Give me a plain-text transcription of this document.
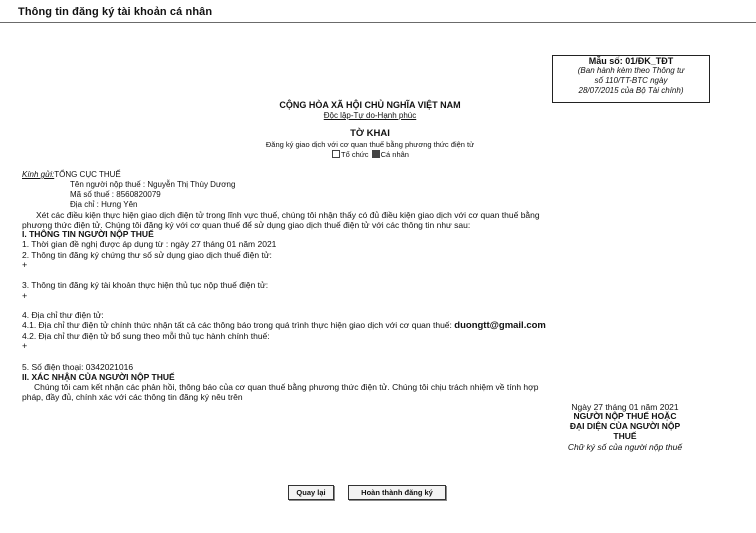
Thông tin đăng ký tài khoản cá nhân
Mẫu số: 01/ĐK_TĐT
(Ban hành kèm theo Thông tư
số 110/TT-BTC ngày
28/07/2015 của Bộ Tài chính)
CỘNG HÒA XÃ HỘI CHỦ NGHĨA VIỆT NAM
Độc lập-Tự do-Hạnh phúc
TỜ KHAI
Đăng ký giao dịch với cơ quan thuế bằng phương thức điện tử
Tổ chức Cá nhân
Kính gửi:TỔNG CỤC THUẾ
Tên người nộp thuế : Nguyễn Thị Thùy Dương
Mã số thuế : 8560820079
Địa chỉ : Hưng Yên
Xét các điều kiện thực hiện giao dịch điện tử trong lĩnh vực thuế, chúng tôi nhận thấy có đủ điều kiện giao dịch với cơ quan thuế bằng
phương thức điện tử. Chúng tôi đăng ký với cơ quan thuế để sử dụng giao dịch thuế điện tử với các thông tin như sau:
I. THÔNG TIN NGƯỜI NỘP THUẾ
1. Thời gian đề nghị được áp dụng từ : ngày 27 tháng 01 năm 2021
2. Thông tin đăng ký chứng thư số sử dụng giao dịch thuế điện tử:
+
3. Thông tin đăng ký tài khoản thực hiện thủ tục nộp thuế điện tử:
+
4. Địa chỉ thư điện tử:
4.1. Địa chỉ thư điện tử chính thức nhận tất cả các thông báo trong quá trình thực hiện giao dịch với cơ quan thuế: duongtt@gmail.com
4.2. Địa chỉ thư điện tử bổ sung theo mỗi thủ tục hành chính thuế:
+
5. Số điện thoại: 0342021016
II. XÁC NHẬN CỦA NGƯỜI NỘP THUẾ
Chúng tôi cam kết nhận các phản hồi, thông báo của cơ quan thuế bằng phương thức điện tử. Chúng tôi chịu trách nhiệm về tính hợp
pháp, đầy đủ, chính xác với các thông tin đăng ký nêu trên
Ngày 27 tháng 01 năm 2021
NGƯỜI NỘP THUẾ HOẶC
ĐẠI DIỆN CỦA NGƯỜI NỘP
THUẾ
Chữ ký số của người nộp thuế
Quay lại	Hoàn thành đăng ký
